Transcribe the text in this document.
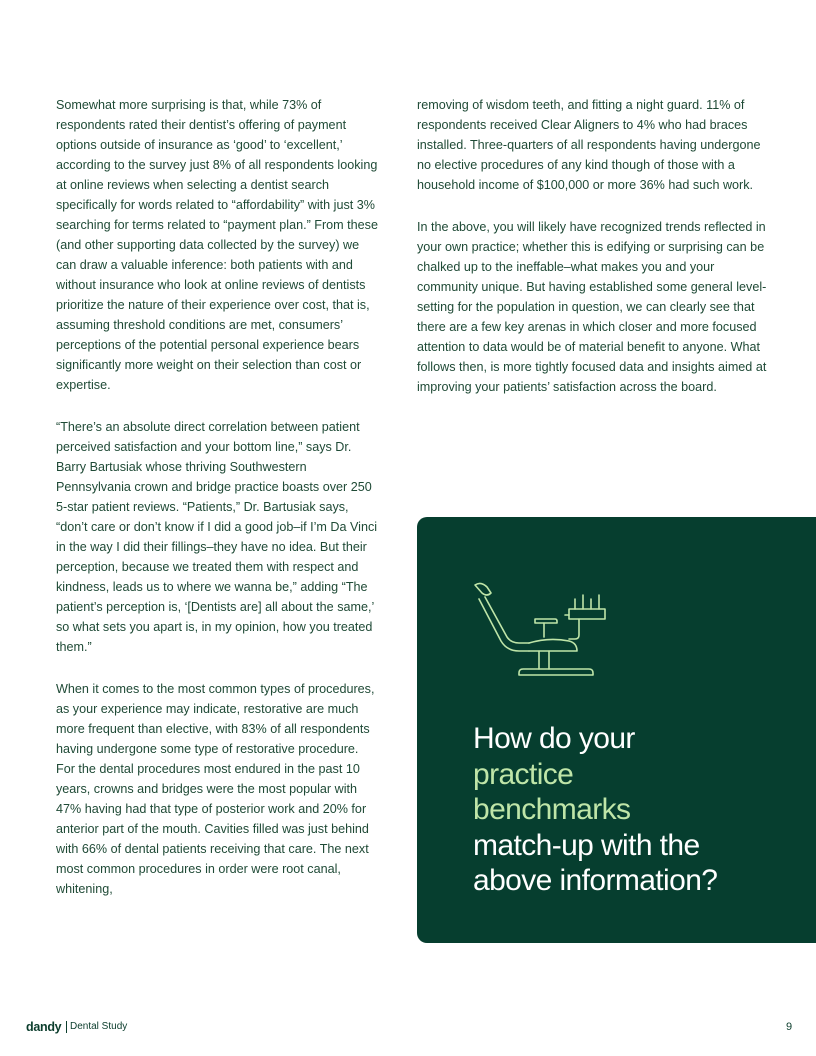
Somewhat more surprising is that, while 73% of respondents rated their dentist’s offering of payment options outside of insurance as ‘good’ to ‘excellent,’ according to the survey just 8% of all respondents looking at online reviews when selecting a dentist search specifically for words related to “affordability” with just 3% searching for terms related to “payment plan.” From these (and other supporting data collected by the survey) we can draw a valuable inference: both patients with and without insurance who look at online reviews of dentists prioritize the nature of their experience over cost, that is, assuming threshold conditions are met, consumers’ perceptions of the potential personal experience bears significantly more weight on their selection than cost or expertise.

“There’s an absolute direct correlation between patient perceived satisfaction and your bottom line,” says Dr. Barry Bartusiak whose thriving Southwestern Pennsylvania crown and bridge practice boasts over 250 5-star patient reviews. “Patients,” Dr. Bartusiak says, “don’t care or don’t know if I did a good job–if I’m Da Vinci in the way I did their fillings–they have no idea. But their perception, because we treated them with respect and kindness, leads us to where we wanna be,” adding “The patient’s perception is, ‘[Dentists are] all about the same,’ so what sets you apart is, in my opinion, how you treated them.”

When it comes to the most common types of procedures, as your experience may indicate, restorative are much more frequent than elective, with 83% of all respondents having undergone some type of restorative procedure. For the dental procedures most endured in the past 10 years, crowns and bridges were the most popular with 47% having had that type of posterior work and 20% for anterior part of the mouth. Cavities filled was just behind with 66% of dental patients receiving that care. The next most common procedures in order were root canal, whitening,

removing of wisdom teeth, and fitting a night guard. 11% of respondents received Clear Aligners to 4% who had braces installed. Three-quarters of all respondents having undergone no elective procedures of any kind though of those with a household income of $100,000 or more 36% had such work.

In the above, you will likely have recognized trends reflected in your own practice; whether this is edifying or surprising can be chalked up to the ineffable–what makes you and your community unique. But having established some general level-setting for the population in question, we can clearly see that there are a few key arenas in which closer and more focused attention to data would be of material benefit to anyone. What follows then, is more tightly focused data and insights aimed at improving your patients’ satisfaction across the board.

How do your
practice
benchmarks
match-up with the
above information?
dandy Dental Study	9
